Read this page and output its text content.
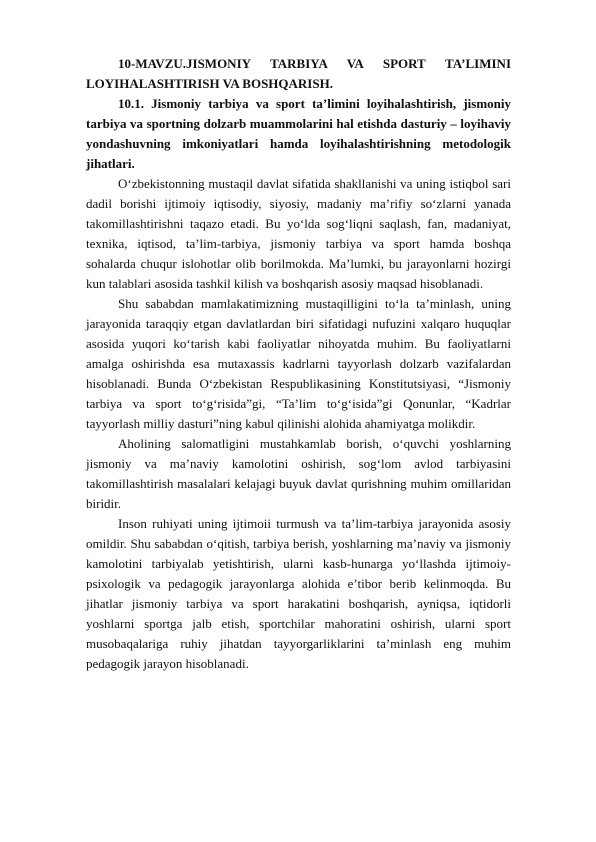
10-MAVZU.JISMONIY TARBIYA VA SPORT TA’LIMINI
LOYIHALASHTIRISH VA BOSHQARISH.

10.1. Jismoniy tarbiya va sport ta’limini loyihalashtirish, jismoniy tarbiya va sportning dolzarb muammolarini hal etishda dasturiy – loyihaviy yondashuvning imkoniyatlari hamda loyihalashtirishning metodologik jihatlari.

O‘zbekistonning mustaqil davlat sifatida shakllanishi va uning istiqbol sari dadil borishi ijtimoiy iqtisodiy, siyosiy, madaniy ma’rifiy so‘zlarni yanada takomillashtirishni taqazo etadi. Bu yo‘lda sog‘liqni saqlash, fan, madaniyat, texnika, iqtisod, ta’lim-tarbiya, jismoniy tarbiya va sport hamda boshqa sohalarda chuqur islohotlar olib borilmokda. Ma’lumki, bu jarayonlarni hozirgi kun talablari asosida tashkil kilish va boshqarish asosiy maqsad hisoblanadi.

Shu sababdan mamlakatimizning mustaqilligini to‘la ta’minlash, uning jarayonida taraqqiy etgan davlatlardan biri sifatidagi nufuzini xalqaro huquqlar asosida yuqori ko‘tarish kabi faoliyatlar nihoyatda muhim. Bu faoliyatlarni amalga oshirishda esa mutaxassis kadrlarni tayyorlash dolzarb vazifalardan hisoblanadi. Bunda O‘zbekistan Respublikasining Konstitutsiyasi, “Jismoniy tarbiya va sport to‘g‘risida”gi, “Ta’lim to‘g‘isida”gi Qonunlar, “Kadrlar tayyorlash milliy dasturi”ning kabul qilinishi alohida ahamiyatga molikdir.

Aholining salomatligini mustahkamlab borish, o‘quvchi yoshlarning jismoniy va ma’naviy kamolotini oshirish, sog‘lom avlod tarbiyasini takomillashtirish masalalari kelajagi buyuk davlat qurishning muhim omillaridan biridir.

Inson ruhiyati uning ijtimoii turmush va ta’lim-tarbiya jarayonida asosiy omildir. Shu sababdan o‘qitish, tarbiya berish, yoshlarning ma’naviy va jismoniy kamolotini tarbiyalab yetishtirish, ularni kasb-hunarga yo‘llashda ijtimoiy-psixologik va pedagogik jarayonlarga alohida e’tibor berib kelinmoqda. Bu jihatlar jismoniy tarbiya va sport harakatini boshqarish, ayniqsa, iqtidorli yoshlarni sportga jalb etish, sportchilar mahoratini oshirish, ularni sport musobaqalariga ruhiy jihatdan tayyorgarliklarini ta’minlash eng muhim pedagogik jarayon hisoblanadi.
